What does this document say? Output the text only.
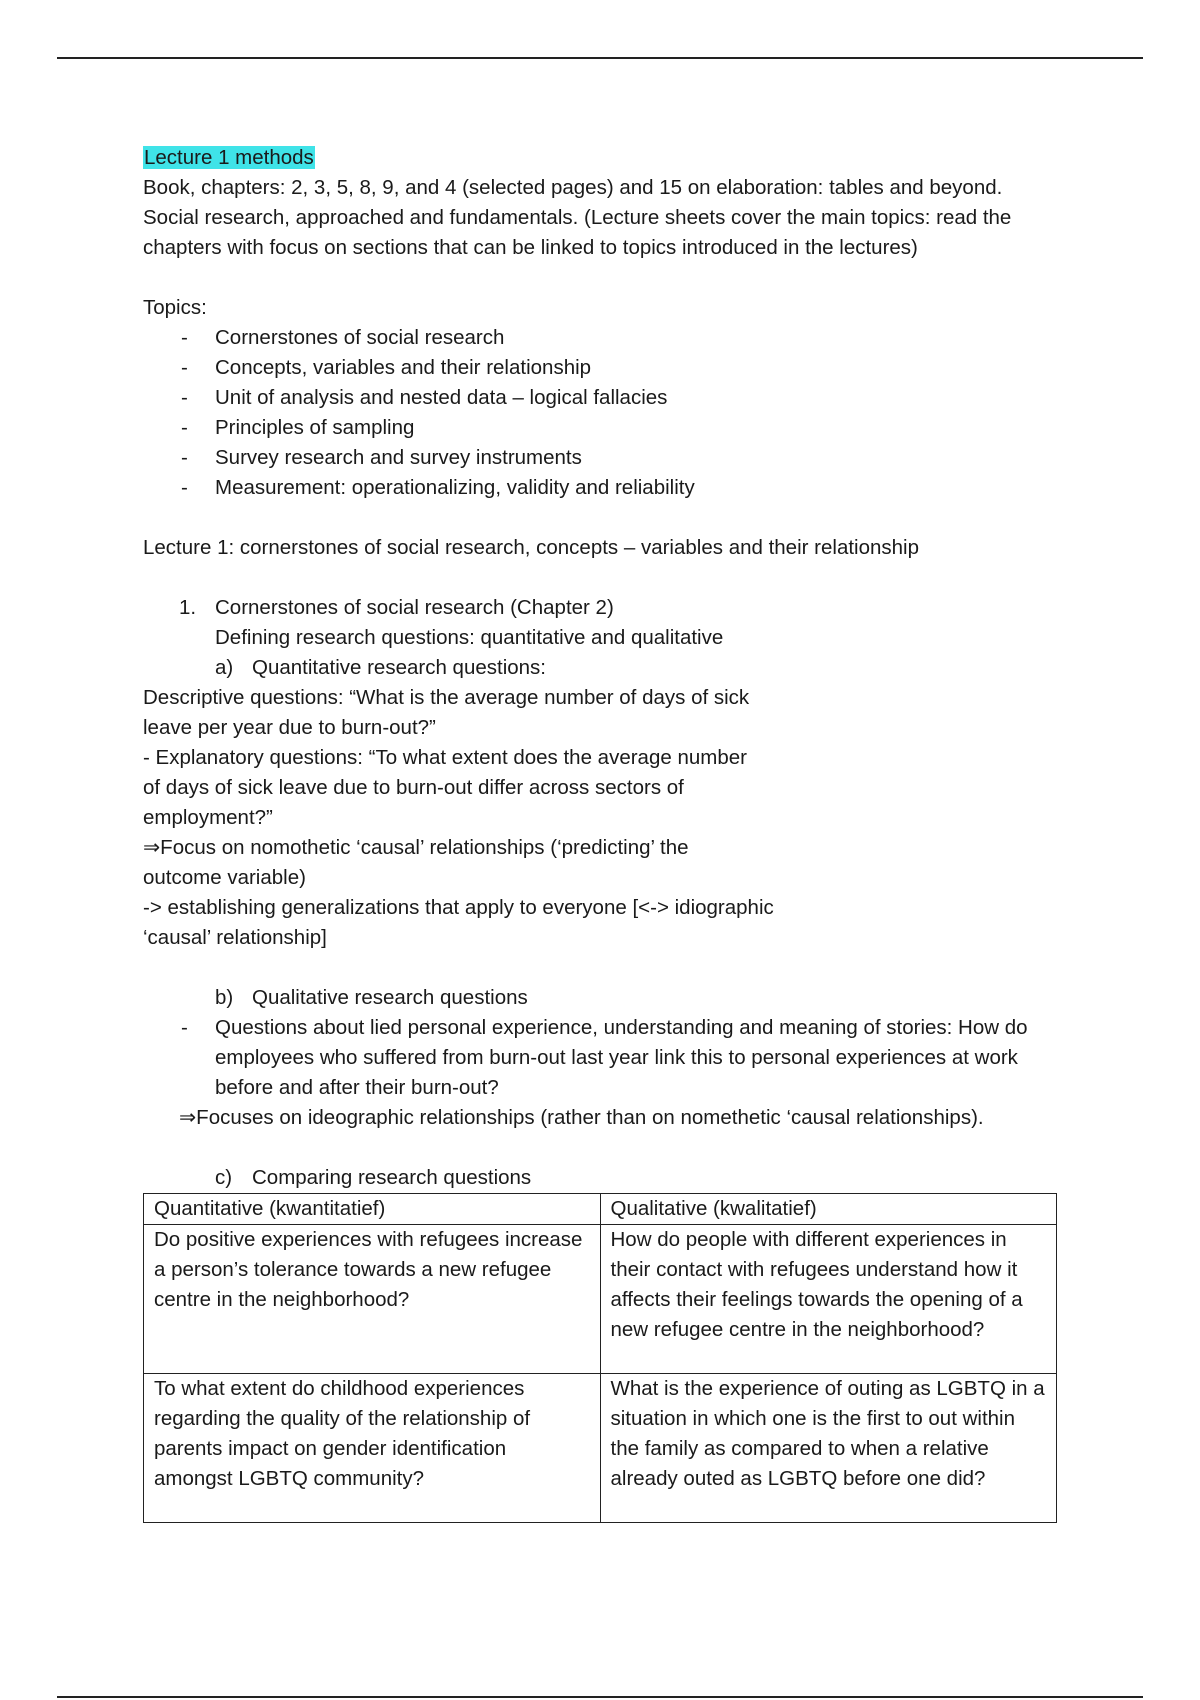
Lecture 1 methods

Book, chapters: 2, 3, 5, 8, 9, and 4 (selected pages) and 15 on elaboration: tables and beyond. Social research, approached and fundamentals. (Lecture sheets cover the main topics: read the chapters with focus on sections that can be linked to topics introduced in the lectures)

Topics:

- Cornerstones of social research
- Concepts, variables and their relationship
- Unit of analysis and nested data – logical fallacies
- Principles of sampling
- Survey research and survey instruments
- Measurement: operationalizing, validity and reliability

Lecture 1: cornerstones of social research, concepts – variables and their relationship

1. Cornerstones of social research (Chapter 2)

Defining research questions: quantitative and qualitative

a) Quantitative research questions:

Descriptive questions: “What is the average number of days of sick leave per year due to burn-out?”

- Explanatory questions: “To what extent does the average number of days of sick leave due to burn-out differ across sectors of employment?”

⇒Focus on nomothetic ‘causal’ relationships (‘predicting’ the outcome variable)

-> establishing generalizations that apply to everyone [<-> idiographic ‘causal’ relationship]

b) Qualitative research questions
- Questions about lied personal experience, understanding and meaning of stories: How do employees who suffered from burn-out last year link this to personal experiences at work before and after their burn-out?

⇒Focuses on ideographic relationships (rather than on nomethetic ‘causal relationships).

c) Comparing research questions
Quantitative (kwantitatief)	Qualitative (kwalitatief)
Do positive experiences with refugees increase a person’s tolerance towards a new refugee centre in the neighborhood?	How do people with different experiences in their contact with refugees understand how it affects their feelings towards the opening of a new refugee centre in the neighborhood?
To what extent do childhood experiences regarding the quality of the relationship of parents impact on gender identification amongst LGBTQ community?	What is the experience of outing as LGBTQ in a situation in which one is the first to out within the family as compared to when a relative already outed as LGBTQ before one did?
